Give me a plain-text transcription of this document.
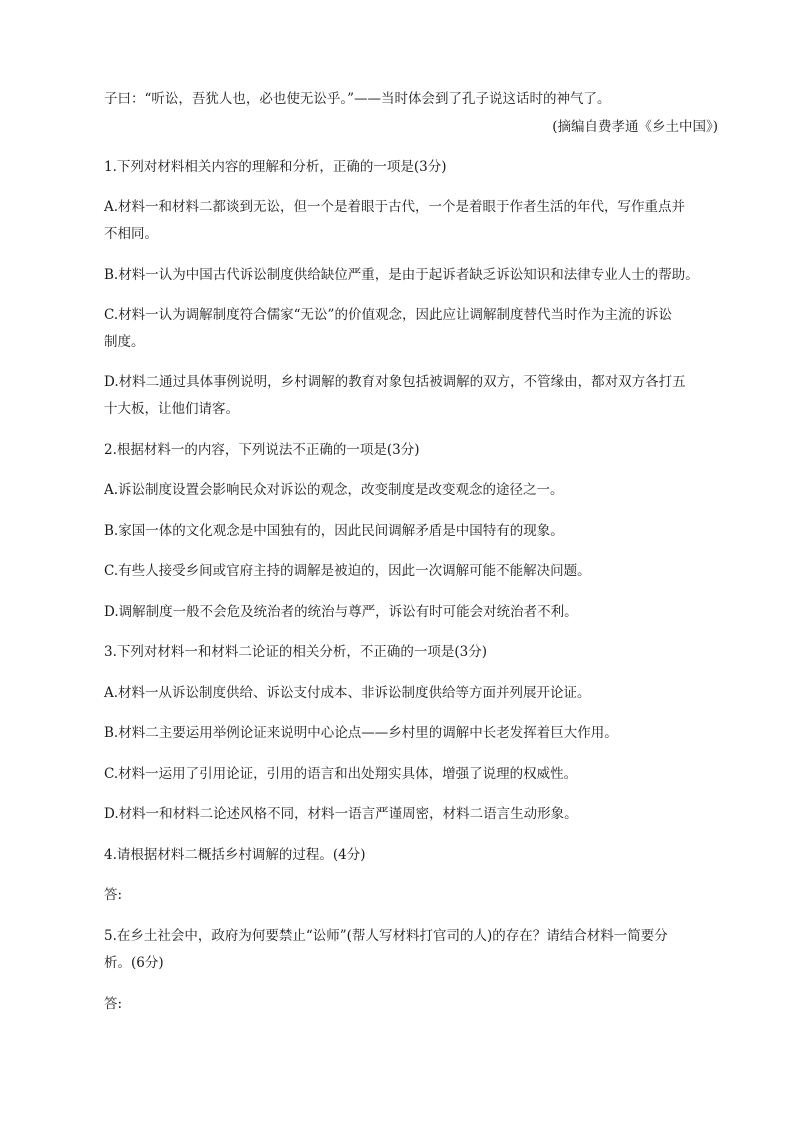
子曰：“听讼，吾犹人也，必也使无讼乎。”——当时体会到了孔子说这话时的神气了。
(摘编自费孝通《乡土中国》)
1.下列对材料相关内容的理解和分析，正确的一项是(3分)
A.材料一和材料二都谈到无讼，但一个是着眼于古代，一个是着眼于作者生活的年代，写作重点并
不相同。
B.材料一认为中国古代诉讼制度供给缺位严重，是由于起诉者缺乏诉讼知识和法律专业人士的帮助。
C.材料一认为调解制度符合儒家“无讼”的价值观念，因此应让调解制度替代当时作为主流的诉讼
制度。
D.材料二通过具体事例说明，乡村调解的教育对象包括被调解的双方，不管缘由，都对双方各打五
十大板，让他们请客。
2.根据材料一的内容，下列说法不正确的一项是(3分)
A.诉讼制度设置会影响民众对诉讼的观念，改变制度是改变观念的途径之一。
B.家国一体的文化观念是中国独有的，因此民间调解矛盾是中国特有的现象。
C.有些人接受乡间或官府主持的调解是被迫的，因此一次调解可能不能解决问题。
D.调解制度一般不会危及统治者的统治与尊严，诉讼有时可能会对统治者不利。
3.下列对材料一和材料二论证的相关分析，不正确的一项是(3分)
A.材料一从诉讼制度供给、诉讼支付成本、非诉讼制度供给等方面并列展开论证。
B.材料二主要运用举例论证来说明中心论点——乡村里的调解中长老发挥着巨大作用。
C.材料一运用了引用论证，引用的语言和出处翔实具体，增强了说理的权威性。
D.材料一和材料二论述风格不同，材料一语言严谨周密，材料二语言生动形象。
4.请根据材料二概括乡村调解的过程。(4分)
答:
5.在乡土社会中，政府为何要禁止“讼师”(帮人写材料打官司的人)的存在？请结合材料一简要分
析。(6分)
答:
